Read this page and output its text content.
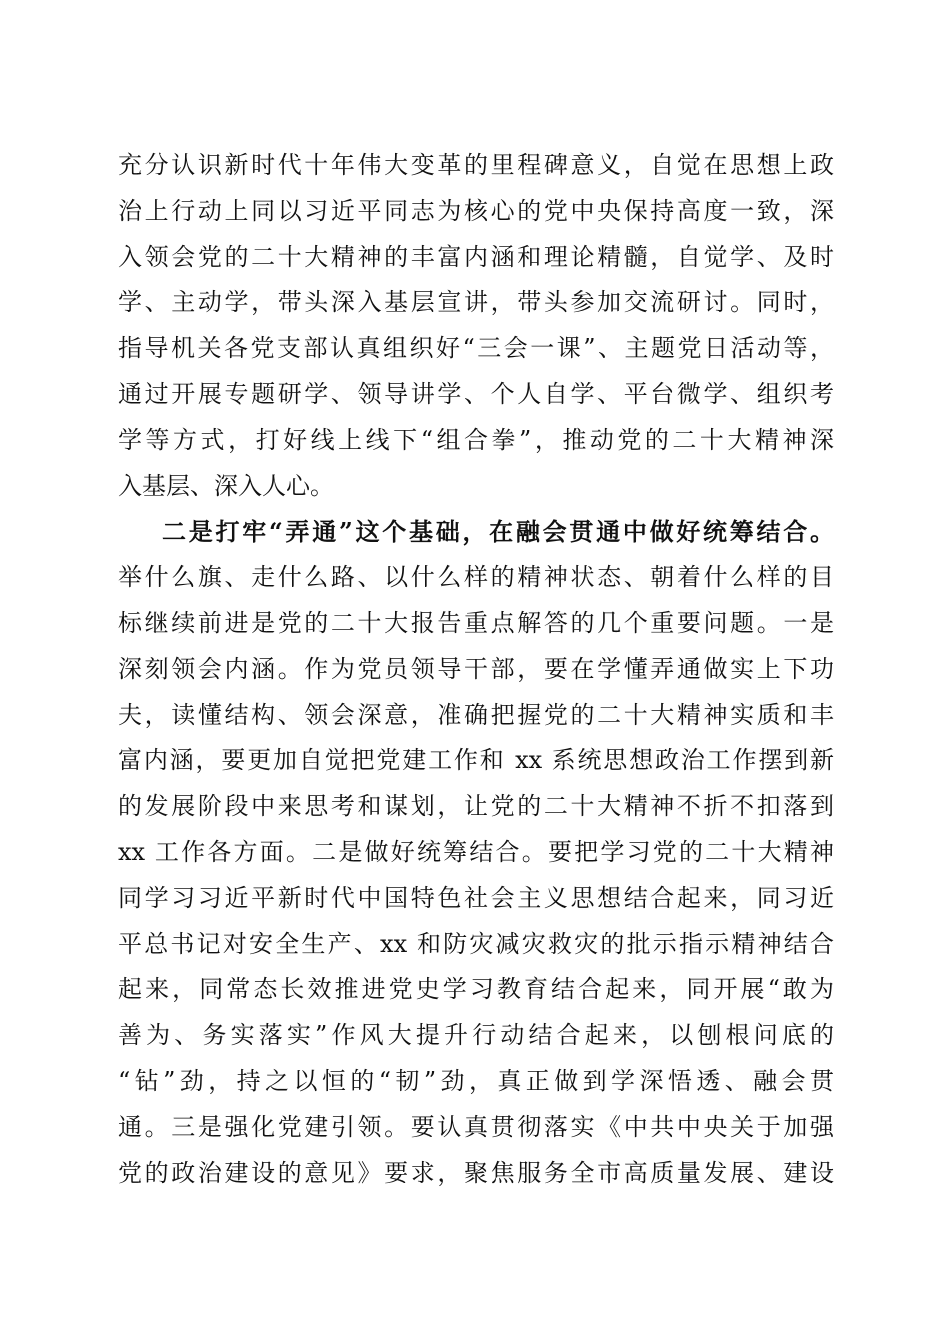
充分认识新时代十年伟大变革的里程碑意义，自觉在思想上政
治上行动上同以习近平同志为核心的党中央保持高度一致，深
入领会党的二十大精神的丰富内涵和理论精髓，自觉学、及时
学、主动学，带头深入基层宣讲，带头参加交流研讨。同时，
指导机关各党支部认真组织好“三会一课”、主题党日活动等，
通过开展专题研学、领导讲学、个人自学、平台微学、组织考
学等方式，打好线上线下“组合拳”，推动党的二十大精神深
入基层、深入人心。
二是打牢“弄通”这个基础，在融会贯通中做好统筹结合。
举什么旗、走什么路、以什么样的精神状态、朝着什么样的目
标继续前进是党的二十大报告重点解答的几个重要问题。一是
深刻领会内涵。作为党员领导干部，要在学懂弄通做实上下功
夫，读懂结构、领会深意，准确把握党的二十大精神实质和丰
富内涵，要更加自觉把党建工作和 xx 系统思想政治工作摆到新
的发展阶段中来思考和谋划，让党的二十大精神不折不扣落到
xx 工作各方面。二是做好统筹结合。要把学习党的二十大精神
同学习习近平新时代中国特色社会主义思想结合起来，同习近
平总书记对安全生产、xx 和防灾减灾救灾的批示指示精神结合
起来，同常态长效推进党史学习教育结合起来，同开展“敢为
善为、务实落实”作风大提升行动结合起来，以刨根问底的
“钻”劲，持之以恒的“韧”劲，真正做到学深悟透、融会贯
通。三是强化党建引领。要认真贯彻落实《中共中央关于加强
党的政治建设的意见》要求，聚焦服务全市高质量发展、建设
